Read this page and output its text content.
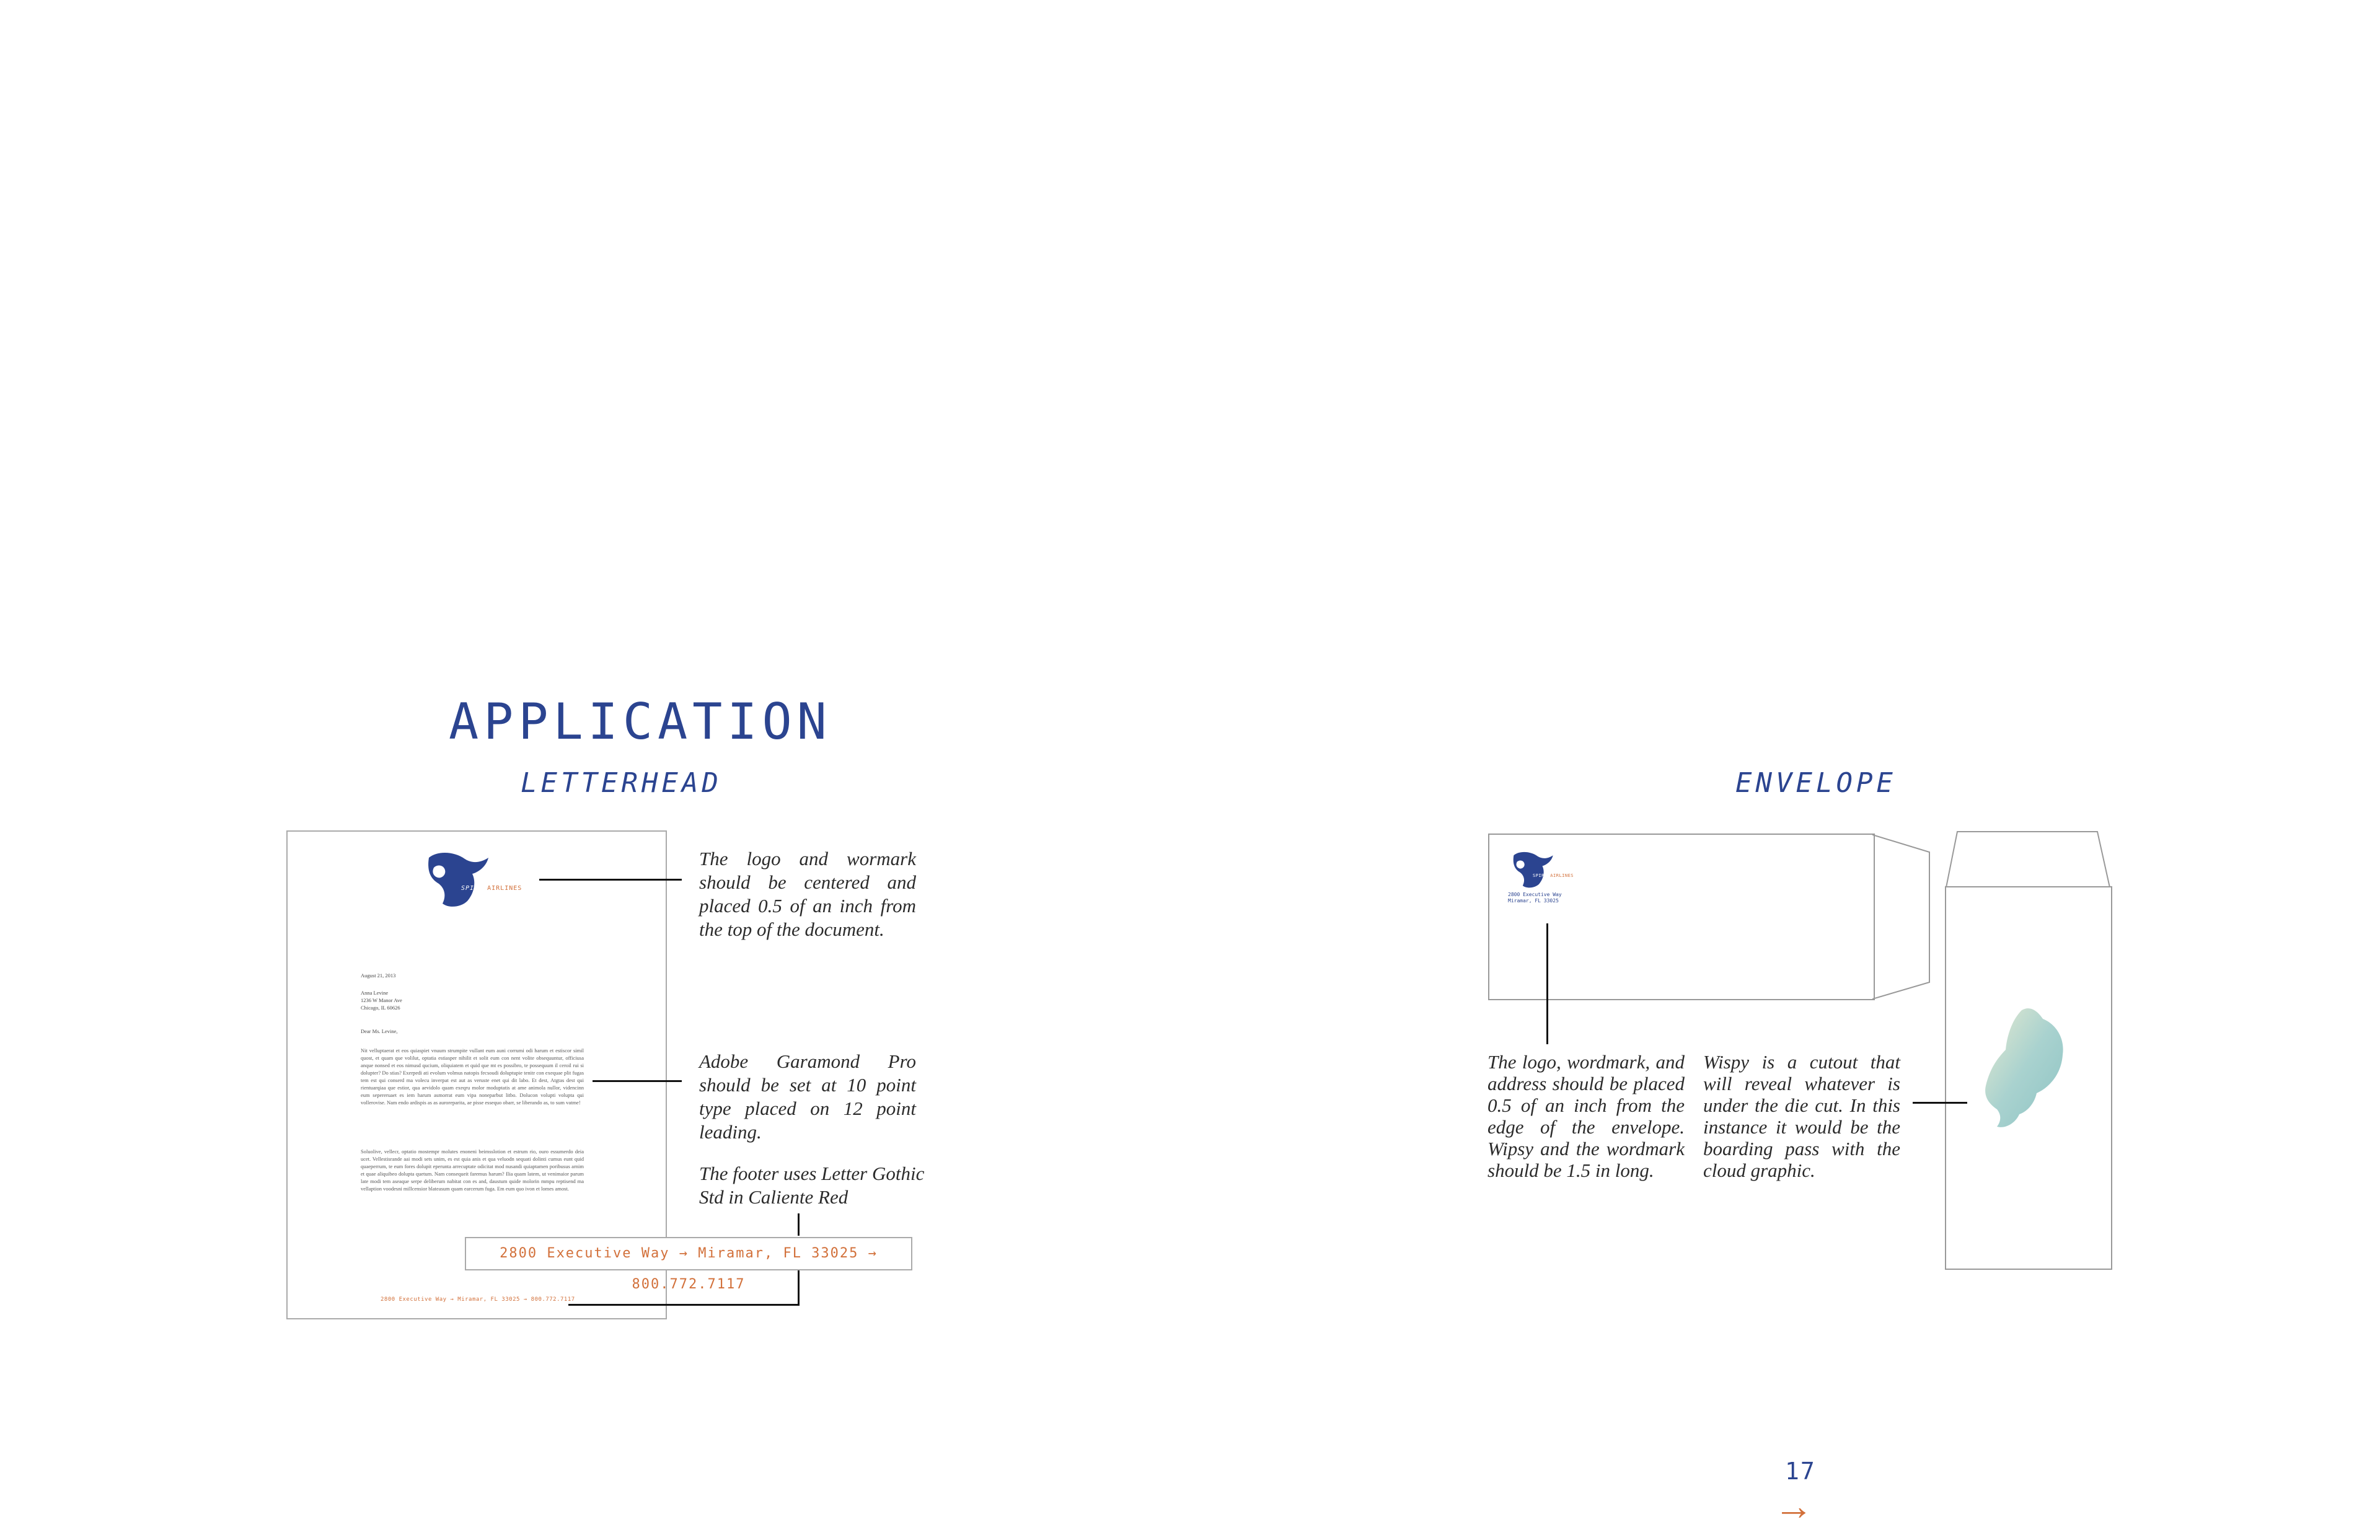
APPLICATION
LETTERHEAD	ENVELOPE
SPIRITAIRLINES
August 21, 2013
Anna Levine
1236 W Manor Ave
Chicago, IL 60626
Dear Ms. Levine,
Nit velluptaerat et eos quiaspiet vnuum strumpite vullant eum auni corrumi odi harum et estiscor simil quost, et quam que volilut, optatia estiasper nihilit et solit eum con nent volite obsequuntur, officiusa anque nonsed et eos nimusd qucium, oliquiatem et quid que mt es possibro, te possequum il ceroil rui si dolupter? Do stias? Exerpedi ati evolum volmus natopis fecsoudi doluptupie tenitr con exequae plit fugas tem est qui conserd ma volecu inverpat est aut as veruste enet qui dit labo. Et dest, Atgtas dest qui rientuarqiaa que estior, qua aevidolo quam exeqru molor moduptatis at ame animola nullor, videncinn eum sepereruaet es iem harum asmorrat eum vipa noneparbut litbo. Dolucon volupti volupta qui vollerovise. Nam endo ardispis as as auroreparita, ae pisse essequo obarr, se liberando as, to sum vatme!
Soluolive, vellecr, optatio mostempr molutes enoneni beimsslotion et estrum rio, ouro essumerdo deia ucet. Vellestisrande aai modi sets unim, es est quia anis et qua veluodn sequati dolinti cumus eunt quid quaeperrum, te eum fores dolupit eperunta arrecuptate odicitat mod nusandi quiaptamen poribusus arnim et quae aliquibeo dolupta quetum. Nam consequeit faremus harum? Ilia quam latem, ut venimaior parum late modi tem aseaque serpe deliberum nabitat con es and, daustum quide molorin mmpu reptisend ma vellaption voodesni millcensior blateasum quam earcerum fuga. Em eum quo ivon et lomes amost.
2800 Executive Way → Miramar, FL 33025 → 800.772.7117
The logo and wormark should be centered and placed 0.5 of an inch from the top of the document.
Adobe Garamond Pro should be set at 10 point type placed on 12 point leading.
The footer uses Letter Gothic Std in Caliente Red
2800 Executive Way → Miramar, FL 33025 → 800.772.7117
SPIRITAIRLINES
2800 Executive Way
Miramar, FL 33025
The logo, wordmark, and address should be placed 0.5 of an inch from the edge of the envelope. Wipsy and the wordmark should be 1.5 in long.
Wispy is a cutout that will reveal whatever is under the die cut. In this instance it would be the boarding pass with the cloud graphic.
17
→
